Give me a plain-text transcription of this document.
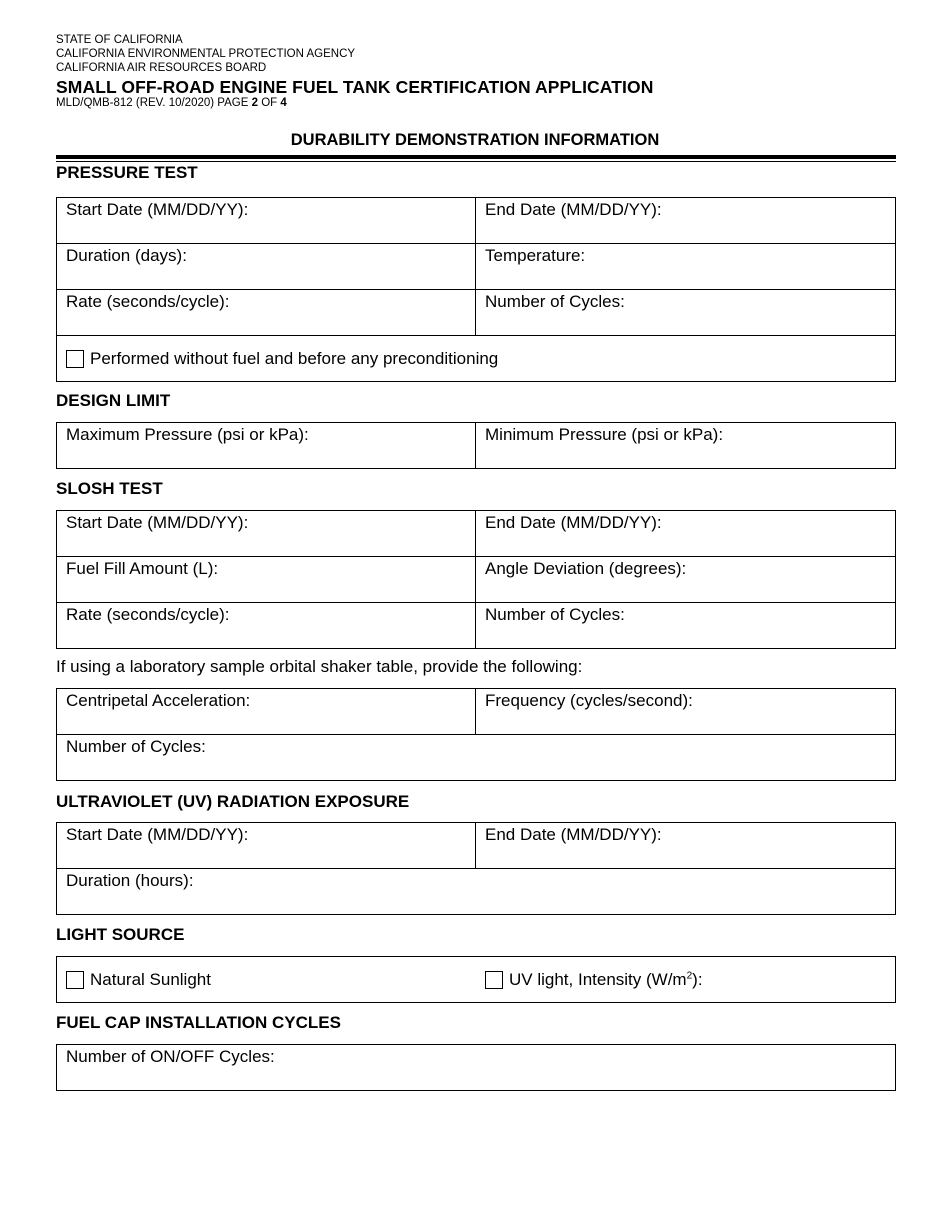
STATE OF CALIFORNIA
CALIFORNIA ENVIRONMENTAL PROTECTION AGENCY
CALIFORNIA AIR RESOURCES BOARD
SMALL OFF-ROAD ENGINE FUEL TANK CERTIFICATION APPLICATION
MLD/QMB-812 (REV. 10/2020) PAGE 2 OF 4
DURABILITY DEMONSTRATION INFORMATION
PRESSURE TEST
Start Date (MM/DD/YY):	End Date (MM/DD/YY):
Duration (days):	Temperature:
Rate (seconds/cycle):	Number of Cycles:
Performed without fuel and before any preconditioning
DESIGN LIMIT
Maximum Pressure (psi or kPa):	Minimum Pressure (psi or kPa):
SLOSH TEST
Start Date (MM/DD/YY):	End Date (MM/DD/YY):
Fuel Fill Amount (L):	Angle Deviation (degrees):
Rate (seconds/cycle):	Number of Cycles:
If using a laboratory sample orbital shaker table, provide the following:
Centripetal Acceleration:	Frequency (cycles/second):
Number of Cycles:
ULTRAVIOLET (UV) RADIATION EXPOSURE
Start Date (MM/DD/YY):	End Date (MM/DD/YY):
Duration (hours):
LIGHT SOURCE
Natural Sunlight	UV light, Intensity $(W/m^2)$:
FUEL CAP INSTALLATION CYCLES
Number of ON/OFF Cycles:
